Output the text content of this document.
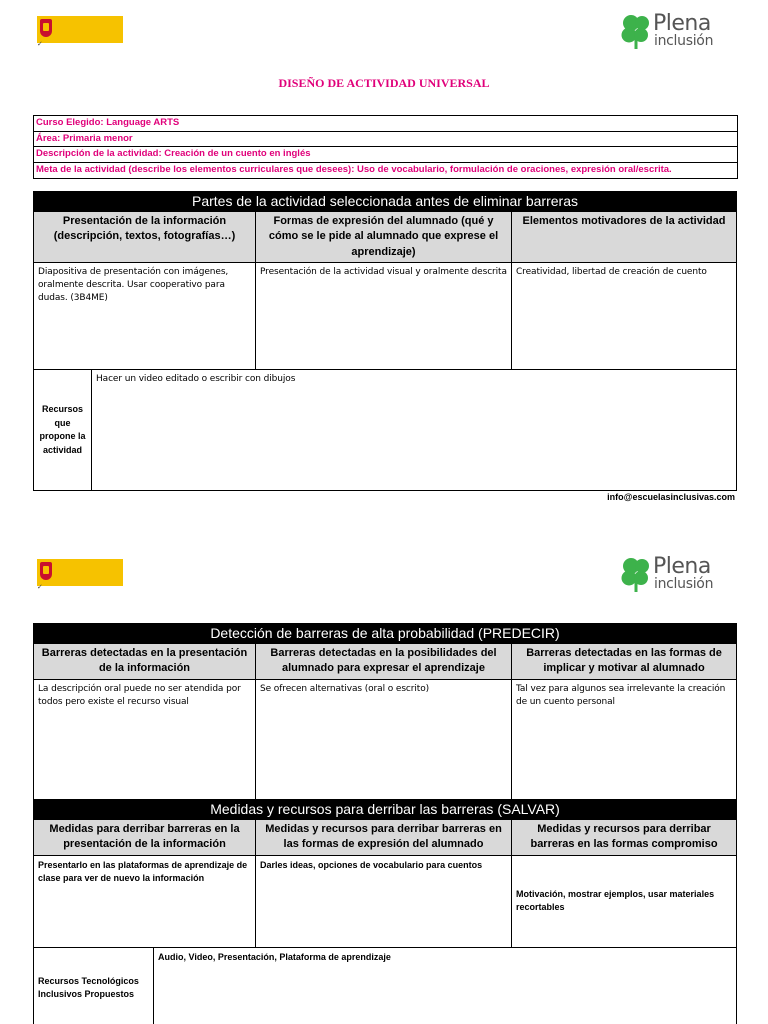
✓
Plena
inclusión
DISEÑO DE ACTIVIDAD UNIVERSAL
Curso Elegido: Language ARTS
Área: Primaria menor
Descripción de la actividad: Creación de un cuento en inglés
Meta de la actividad (describe los elementos curriculares que desees): Uso de vocabulario, formulación de oraciones, expresión oral/escrita.
Partes de la actividad seleccionada antes de eliminar barreras			
Presentación de la información (descripción, textos, fotografías…)		Formas de expresión del alumnado (qué y cómo se le pide al alumnado que exprese el aprendizaje)	Elementos motivadores de la actividad
Diapositiva de presentación con imágenes, oralmente descrita. Usar cooperativo para dudas. (3B4ME)		Presentación de la actividad visual y oralmente descrita	Creatividad, libertad de creación de cuento
Recursos que propone la actividad	Hacer un video editado o escribir con dibujos		
info@escuelasinclusivas.com
✓
Plena
inclusión
Detección de barreras de alta probabilidad (PREDECIR)			
Barreras detectadas en la presentación de la información		Barreras detectadas en la posibilidades del alumnado para expresar el aprendizaje	Barreras detectadas en las formas de implicar y motivar al alumnado
La descripción oral puede no ser atendida por todos pero existe el recurso visual		Se ofrecen alternativas (oral o escrito)	Tal vez para algunos sea irrelevante la creación de un cuento personal
Medidas y recursos para derribar las barreras (SALVAR)			
Medidas para derribar barreras en la presentación de la información		Medidas y recursos para derribar barreras en las formas de expresión del alumnado	Medidas y recursos para derribar barreras en las formas compromiso
Presentarlo en las plataformas de aprendizaje de clase para ver de nuevo la información		Darles ideas, opciones de vocabulario para cuentos	Motivación, mostrar ejemplos, usar materiales recortables
Recursos Tecnológicos Inclusivos Propuestos	Audio, Video, Presentación, Plataforma de aprendizaje		
